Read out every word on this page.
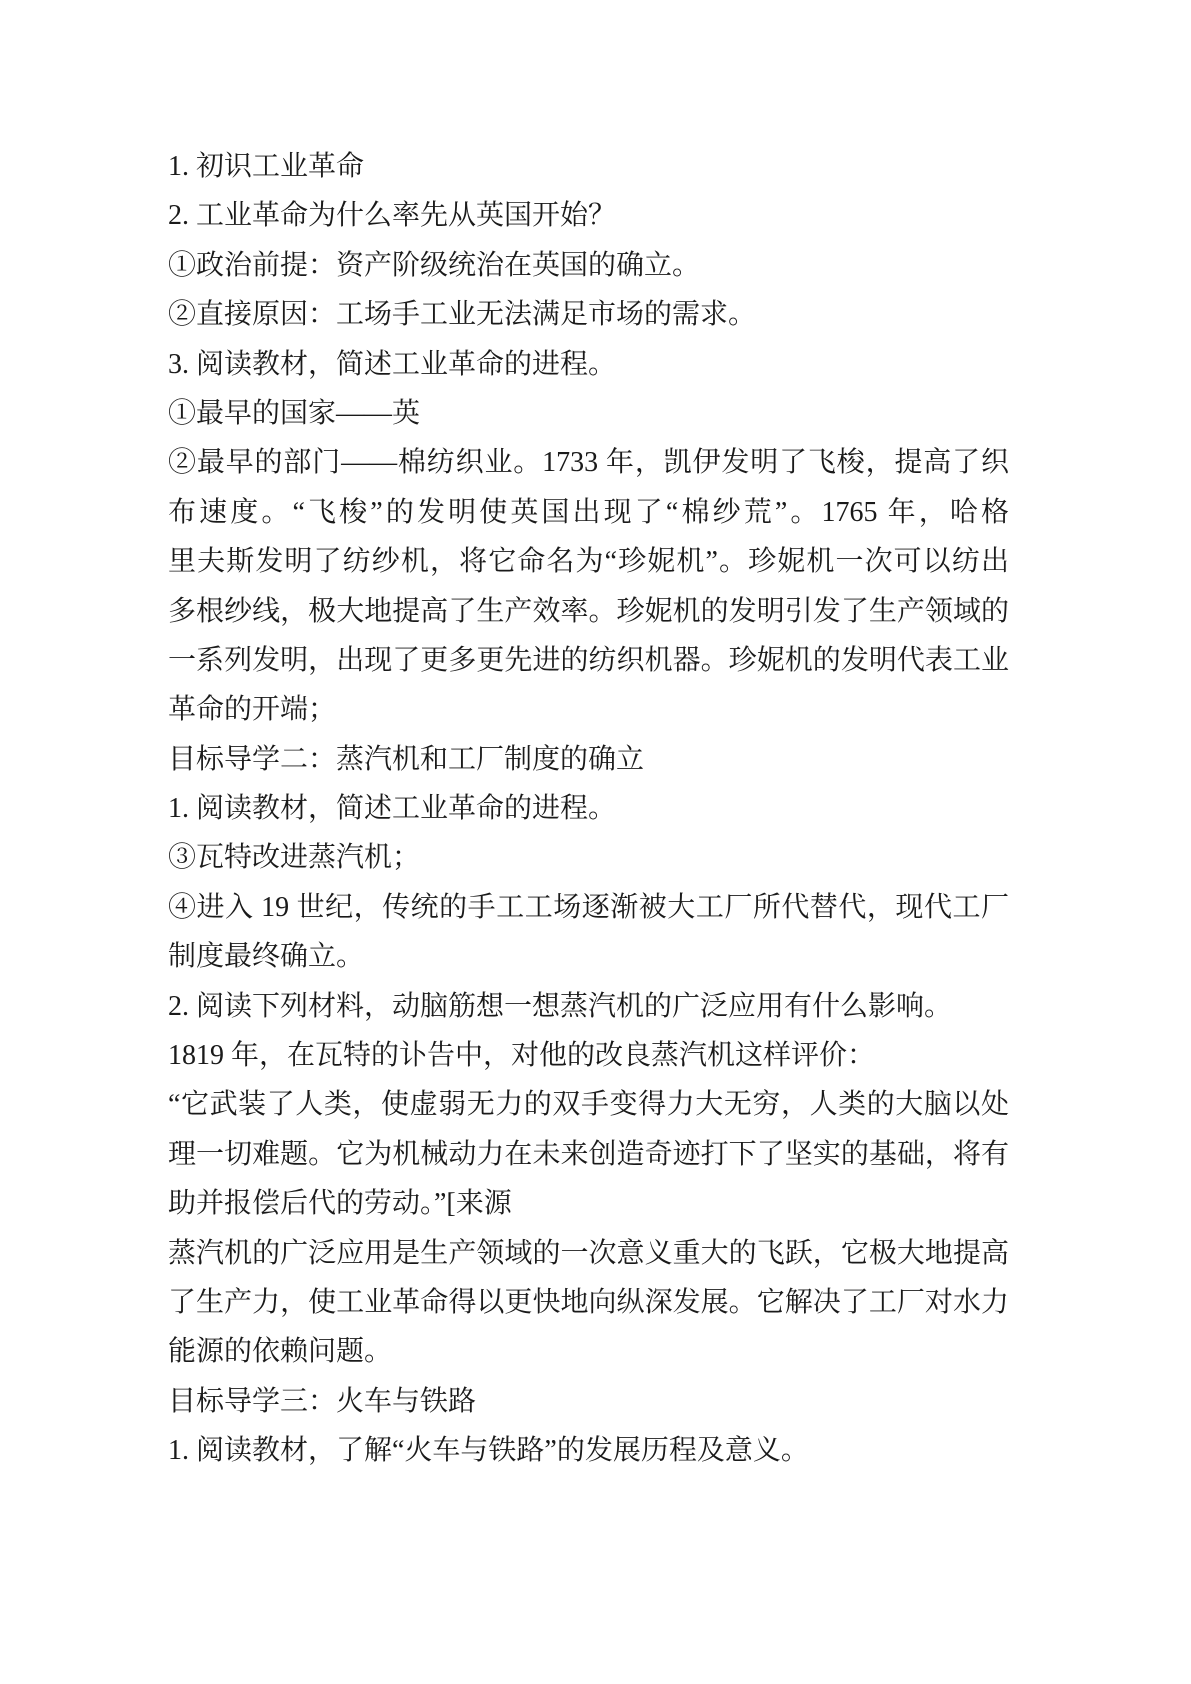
1. 初识工业革命
2. 工业革命为什么率先从英国开始？
①政治前提：资产阶级统治在英国的确立。
②直接原因：工场手工业无法满足市场的需求。
3. 阅读教材，简述工业革命的进程。
①最早的国家——英
②最早的部门——棉纺织业。1733 年，凯伊发明了飞梭，提高了织
布速度。“飞梭”的发明使英国出现了“棉纱荒”。1765 年，哈格
里夫斯发明了纺纱机，将它命名为“珍妮机”。珍妮机一次可以纺出
多根纱线，极大地提高了生产效率。珍妮机的发明引发了生产领域的
一系列发明，出现了更多更先进的纺织机器。珍妮机的发明代表工业
革命的开端；
目标导学二：蒸汽机和工厂制度的确立
1. 阅读教材，简述工业革命的进程。
③瓦特改进蒸汽机；
④进入 19 世纪，传统的手工工场逐渐被大工厂所代替代，现代工厂
制度最终确立。
2. 阅读下列材料，动脑筋想一想蒸汽机的广泛应用有什么影响。
1819 年，在瓦特的讣告中，对他的改良蒸汽机这样评价：
“它武装了人类，使虚弱无力的双手变得力大无穷，人类的大脑以处
理一切难题。它为机械动力在未来创造奇迹打下了坚实的基础，将有
助并报偿后代的劳动。”[来源
蒸汽机的广泛应用是生产领域的一次意义重大的飞跃，它极大地提高
了生产力，使工业革命得以更快地向纵深发展。它解决了工厂对水力
能源的依赖问题。
目标导学三：火车与铁路
1. 阅读教材，了解“火车与铁路”的发展历程及意义。
